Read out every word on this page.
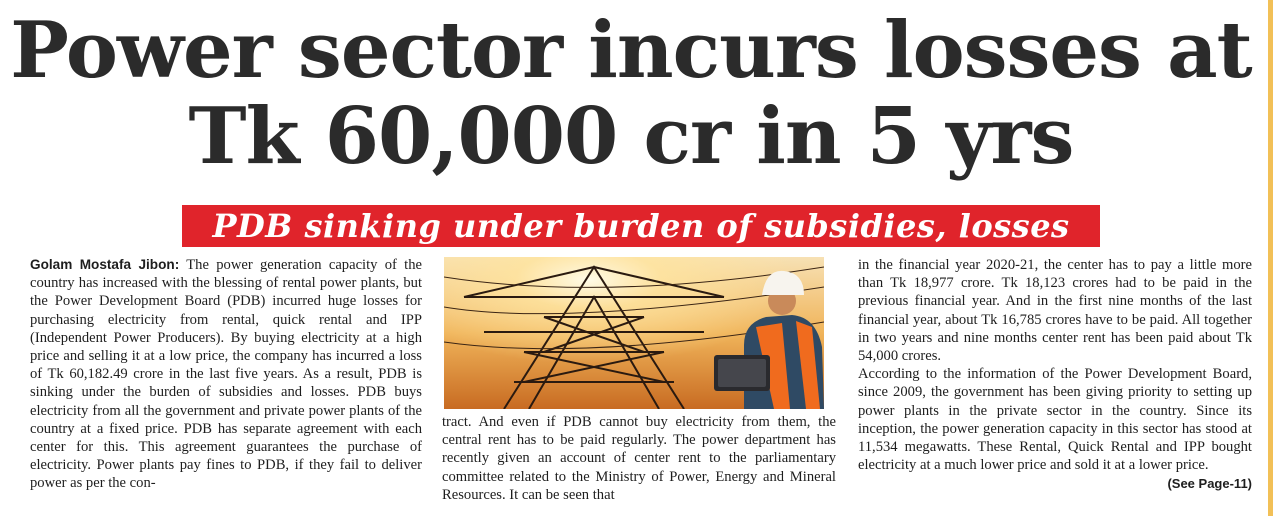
Power sector incurs losses at
Tk 60,000 cr in 5 yrs
PDB sinking under burden of subsidies, losses
Golam Mostafa Jibon: The power generation capacity of the country has increased with the blessing of rental power plants, but the Power Development Board (PDB) incurred huge losses for purchasing electricity from rental, quick rental and IPP (Independent Power Producers). By buying electricity at a high price and selling it at a low price, the company has incurred a loss of Tk 60,182.49 crore in the last five years. As a result, PDB is sinking under the burden of subsidies and losses. PDB buys electricity from all the government and private power plants of the country at a fixed price. PDB has separate agreement with each center for this. This agreement guarantees the purchase of electricity. Power plants pay fines to PDB, if they fail to deliver power as per the con-
tract. And even if PDB cannot buy electricity from them, the central rent has to be paid regularly. The power department has recently given an account of center rent to the parliamentary committee related to the Ministry of Power, Energy and Mineral Resources. It can be seen that
in the financial year 2020-21, the center has to pay a little more than Tk 18,977 crore. Tk 18,123 crores had to be paid in the previous financial year. And in the first nine months of the last financial year, about Tk 16,785 crores have to be paid. All together in two years and nine months center rent has been paid about Tk 54,000 crores.
According to the information of the Power Development Board, since 2009, the government has been giving priority to setting up power plants in the private sector in the country. Since its inception, the power generation capacity in this sector has stood at 11,534 megawatts. These Rental, Quick Rental and IPP bought electricity at a much lower price and sold it at a lower price.
(See Page-11)
